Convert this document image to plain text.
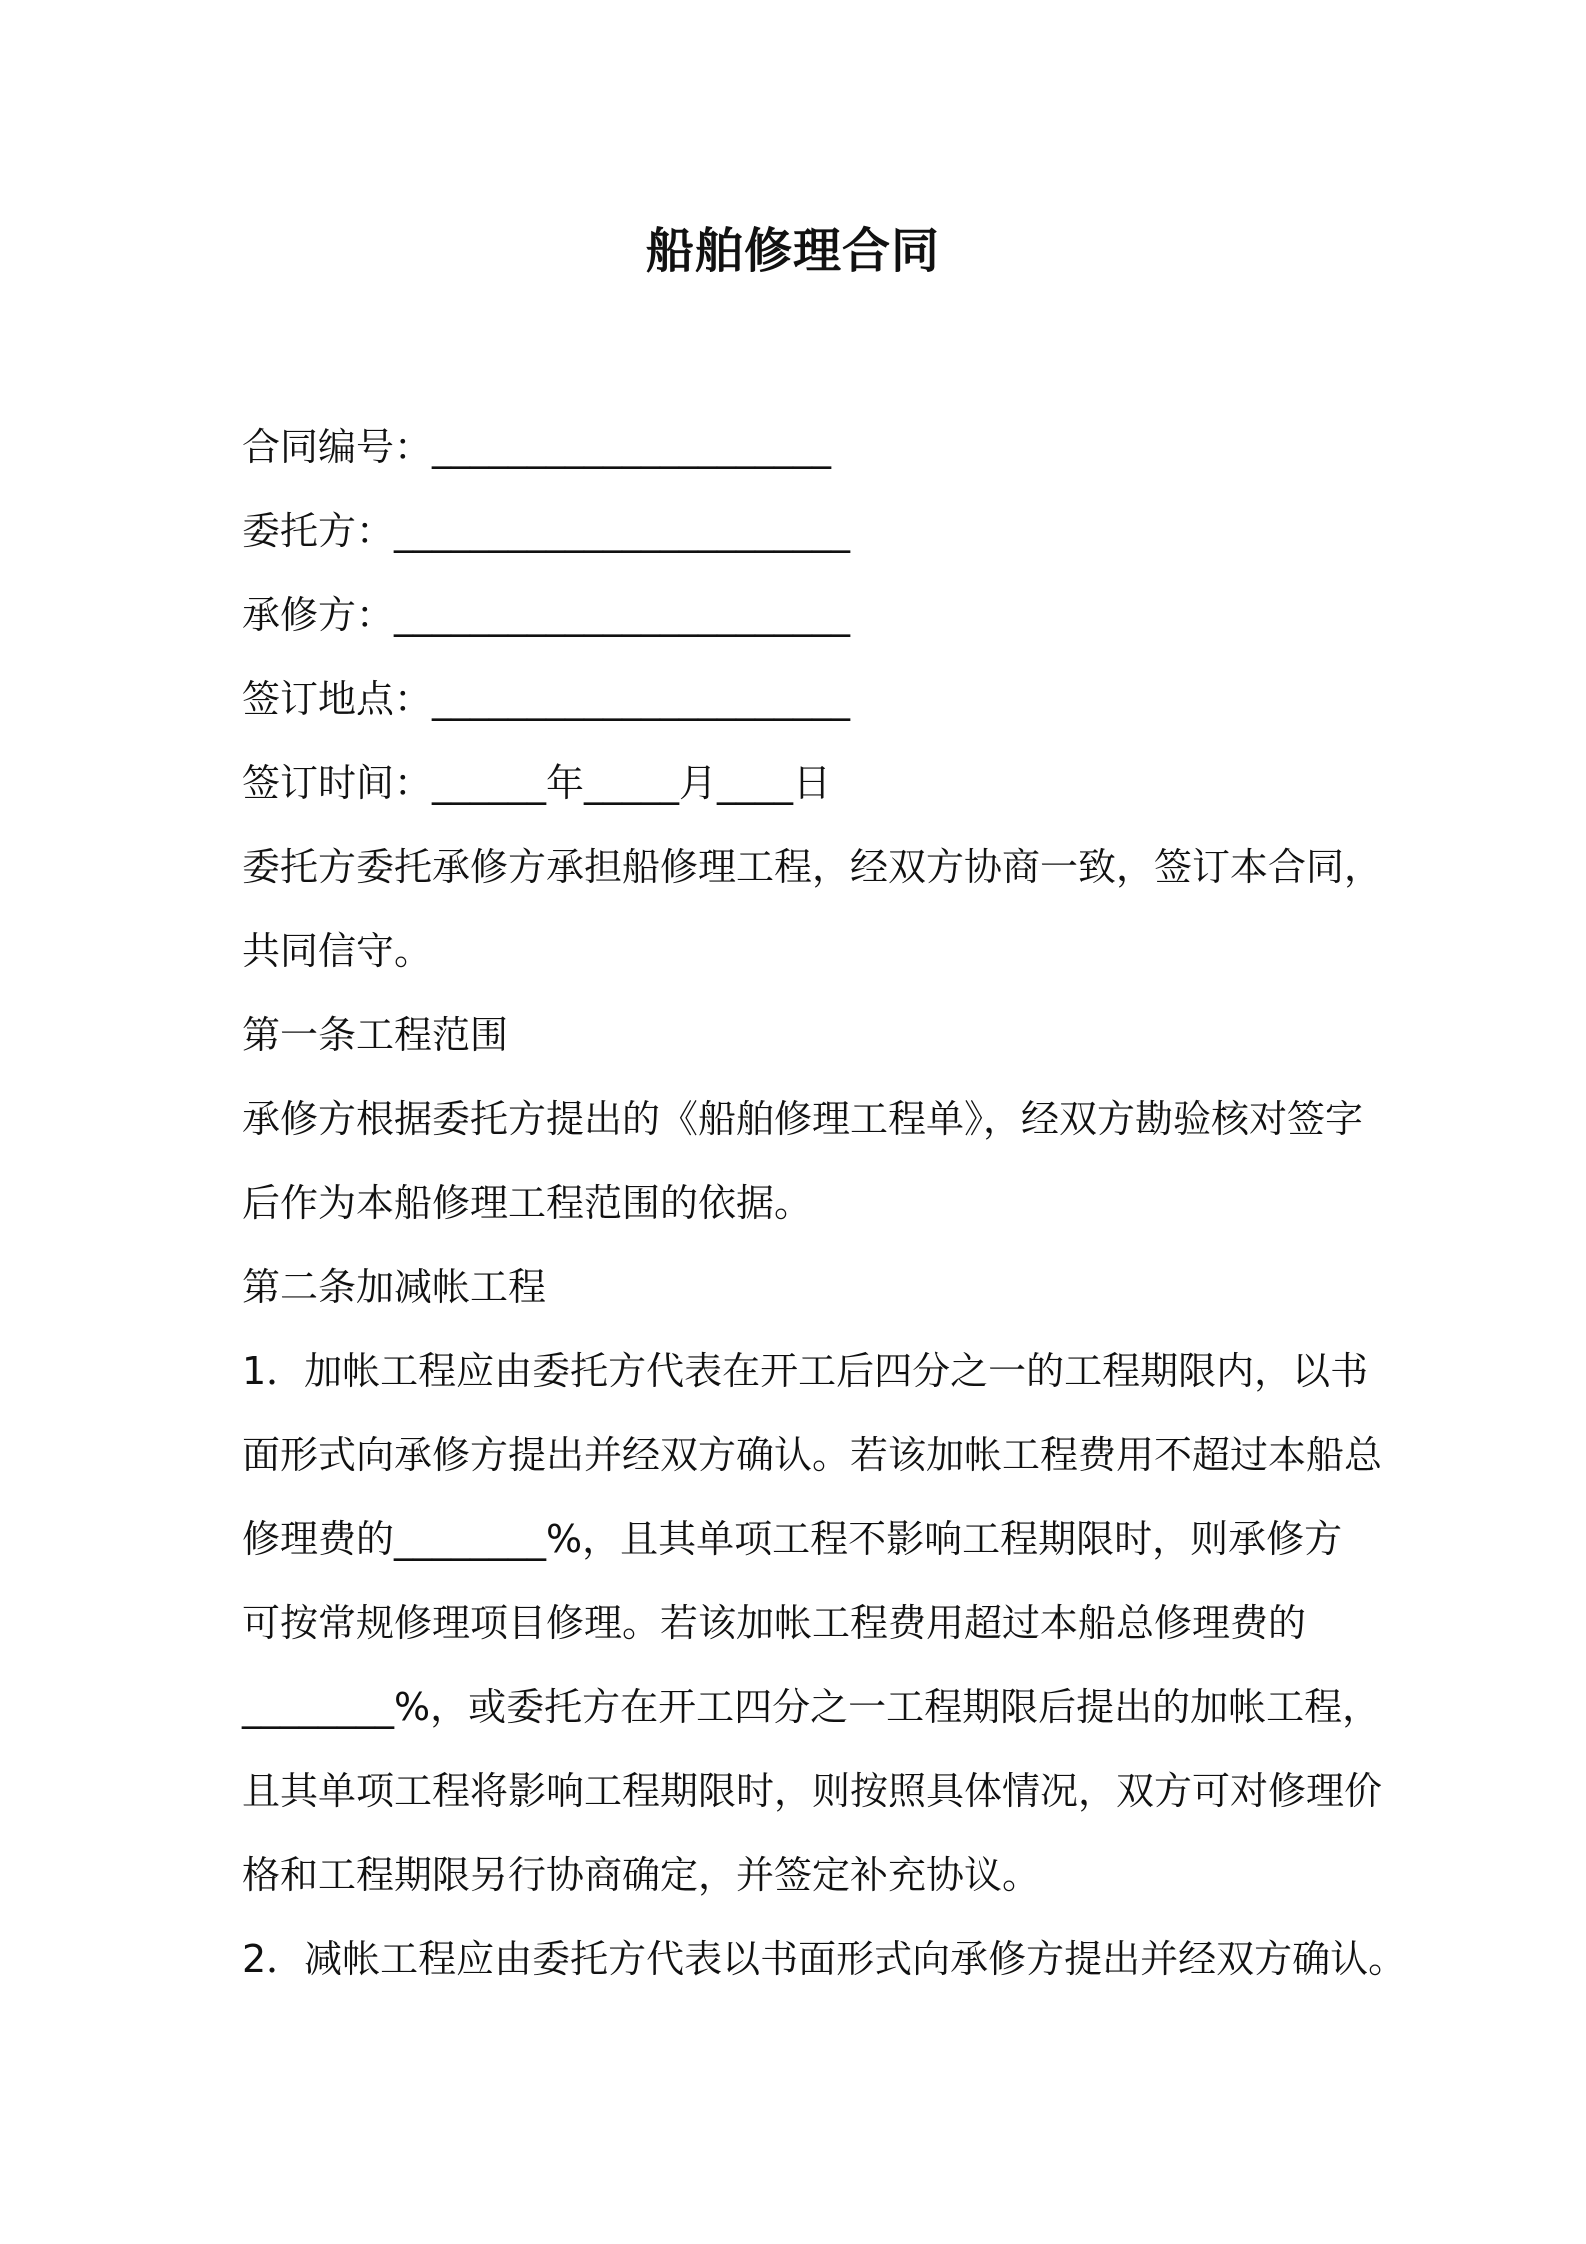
船舶修理合同

合同编号：_____________________

委托方：________________________

承修方：________________________

签订地点：______________________

签订时间：______年_____月____日

委托方委托承修方承担船修理工程，经双方协商一致，签订本合同，

共同信守。

第一条工程范围

承修方根据委托方提出的《船舶修理工程单》，经双方勘验核对签字

后作为本船修理工程范围的依据。

第二条加减帐工程

1．加帐工程应由委托方代表在开工后四分之一的工程期限内，以书

面形式向承修方提出并经双方确认。若该加帐工程费用不超过本船总

修理费的________%，且其单项工程不影响工程期限时，则承修方

可按常规修理项目修理。若该加帐工程费用超过本船总修理费的

________%，或委托方在开工四分之一工程期限后提出的加帐工程，

且其单项工程将影响工程期限时，则按照具体情况，双方可对修理价

格和工程期限另行协商确定，并签定补充协议。

2．减帐工程应由委托方代表以书面形式向承修方提出并经双方确认。
